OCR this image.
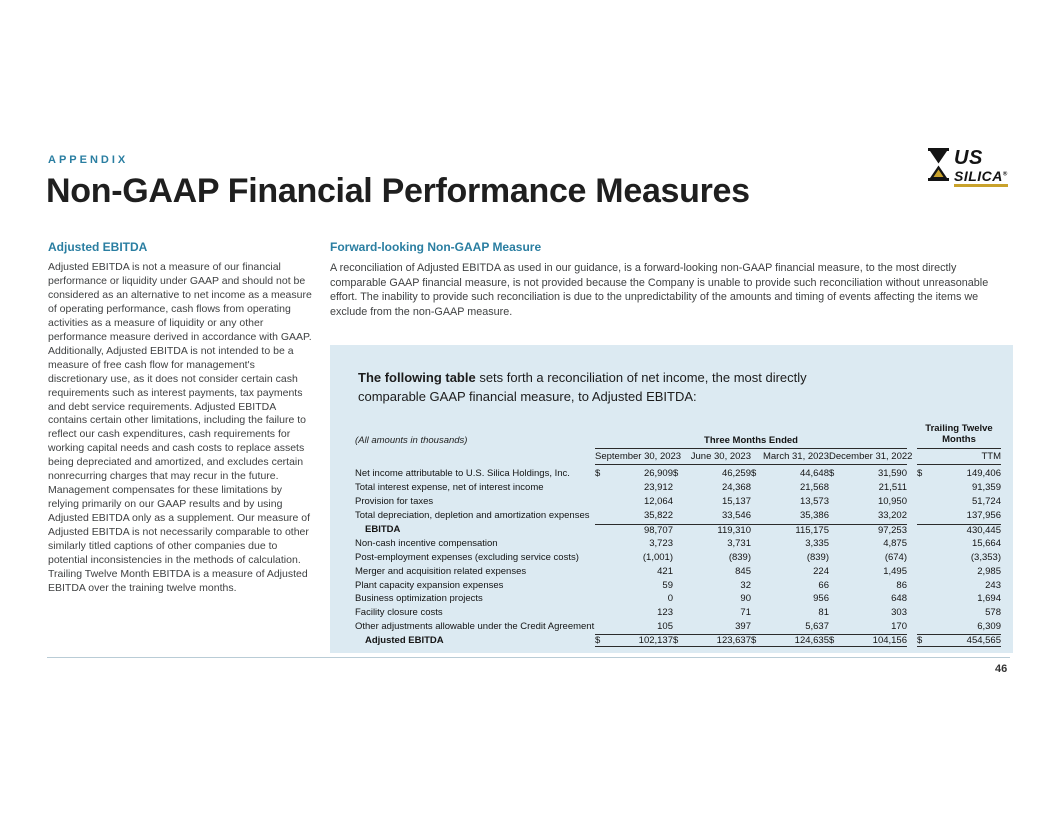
APPENDIX
Non-GAAP Financial Performance Measures
US
SILICA®
Adjusted EBITDA
Adjusted EBITDA is not a measure of our financial performance or liquidity under GAAP and should not be considered as an alternative to net income as a measure of operating performance, cash flows from operating activities as a measure of liquidity or any other performance measure derived in accordance with GAAP. Additionally, Adjusted EBITDA is not intended to be a measure of free cash flow for management's discretionary use, as it does not consider certain cash requirements such as interest payments, tax payments and debt service requirements. Adjusted EBITDA contains certain other limitations, including the failure to reflect our cash expenditures, cash requirements for working capital needs and cash costs to replace assets being depreciated and amortized, and excludes certain nonrecurring charges that may recur in the future. Management compensates for these limitations by relying primarily on our GAAP results and by using Adjusted EBITDA only as a supplement. Our measure of Adjusted EBITDA is not necessarily comparable to other similarly titled captions of other companies due to potential inconsistencies in the methods of calculation. Trailing Twelve Month EBITDA is a measure of Adjusted EBITDA over the training twelve months.
Forward-looking Non-GAAP Measure
A reconciliation of Adjusted EBITDA as used in our guidance, is a forward-looking non-GAAP financial measure, to the most directly comparable GAAP financial measure, is not provided because the Company is unable to provide such reconciliation without unreasonable effort. The inability to provide such reconciliation is due to the unpredictability of the amounts and timing of events affecting the items we exclude from the non-GAAP measure.
The following table sets forth a reconciliation of net income, the most directly comparable GAAP financial measure, to Adjusted EBITDA:
(All amounts in thousands)	Three Months Ended
Trailing Twelve Months
September 30, 2023	June 30, 2023	March 31, 2023 December 31, 2022	TTM
Net income attributable to U.S. Silica Holdings, Inc.	$	26,909 $	46,259 $	44,648 $	31,590 $	149,406
Total interest expense, net of interest income	23,912	24,368	21,568	21,511	91,359
Provision for taxes	12,064	15,137	13,573	10,950	51,724
Total depreciation, depletion and amortization expenses	35,822	33,546	35,386	33,202	137,956
EBITDA	98,707	119,310	115,175	97,253	430,445
Non-cash incentive compensation	3,723	3,731	3,335	4,875	15,664
Post-employment expenses (excluding service costs)	(1,001)	(839)	(839)	(674)	(3,353)
Merger and acquisition related expenses	421	845	224	1,495	2,985
Plant capacity expansion expenses	59	32	66	86	243
Business optimization projects	0	90	956	648	1,694
Facility closure costs	123	71	81	303	578
Other adjustments allowable under the Credit Agreement	105	397	5,637	170	6,309
Adjusted EBITDA	$	102,137 $	123,637 $	124,635 $	104,156 $	454,565
46
